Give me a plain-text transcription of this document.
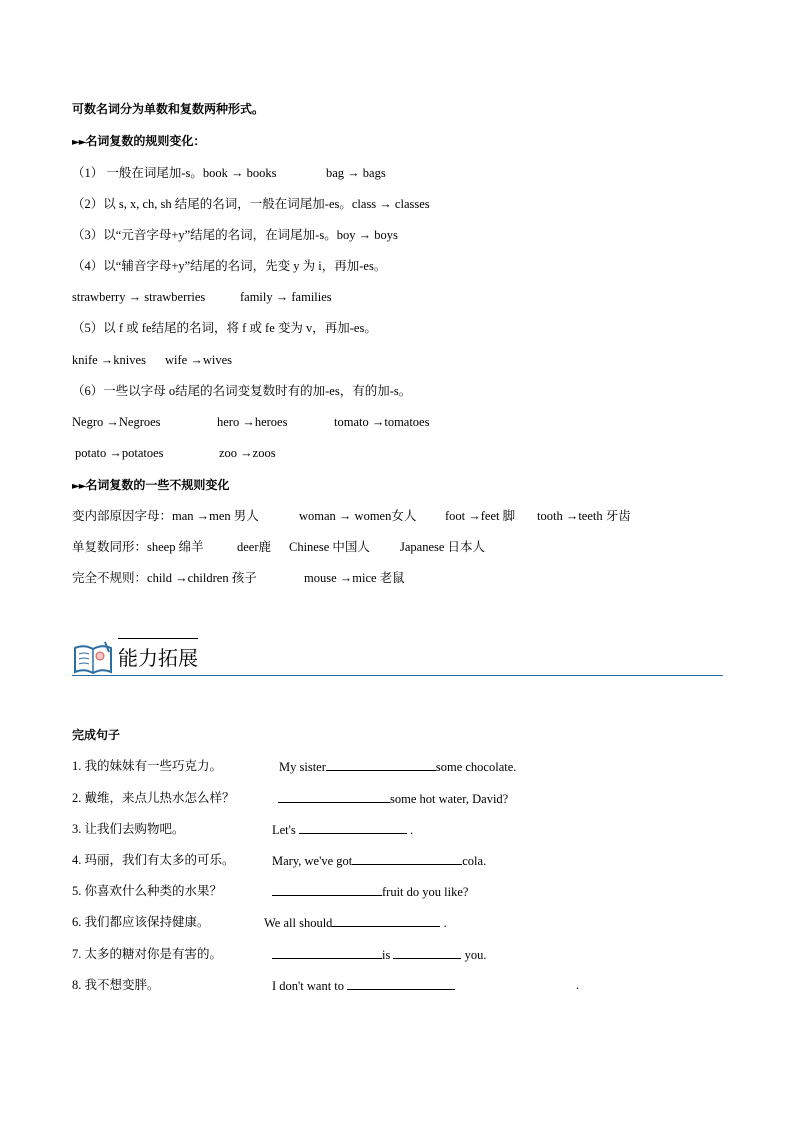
可数名词分为单数和复数两种形式。
►►名词复数的规则变化：
（1） 一般在词尾加-s。book → books	bag → bags
（2）以 s, x, ch, sh 结尾的名词，一般在词尾加-es。class → classes
（3）以“元音字母+y”结尾的名词，在词尾加-s。boy → boys
（4）以“辅音字母+y”结尾的名词，先变 y 为 i，再加-es。
strawberry → strawberries	family → families
（5）以 f 或 fe结尾的名词，将 f 或 fe 变为 v，再加-es。
knife →knives wife →wives
（6）一些以字母 o结尾的名词变复数时有的加-es，有的加-s。
Negro →Negroes	hero →heroes	tomato →tomatoes
potato →potatoes	zoo →zoos
►►名词复数的一些不规则变化
变内部原因字母：man →men 男人	woman → women女人 foot →feet 脚 tooth →teeth 牙齿
单复数同形：sheep 绵羊	deer鹿 Chinese 中国人 Japanese 日本人
完全不规则：child →children 孩子	mouse →mice 老鼠
能力拓展
完成句子
1. 我的妹妹有一些巧克力。	My sister	some chocolate.
2. 戴维，来点儿热水怎么样？	some hot water, David?
3. 让我们去购物吧。	Let's	.
4. 玛丽，我们有太多的可乐。	Mary, we've got	cola.
5. 你喜欢什么种类的水果？	fruit do you like?
6. 我们都应该保持健康。	We all should	.
7. 太多的糖对你是有害的。	is	you.
8. 我不想变胖。	I don't want to	.
